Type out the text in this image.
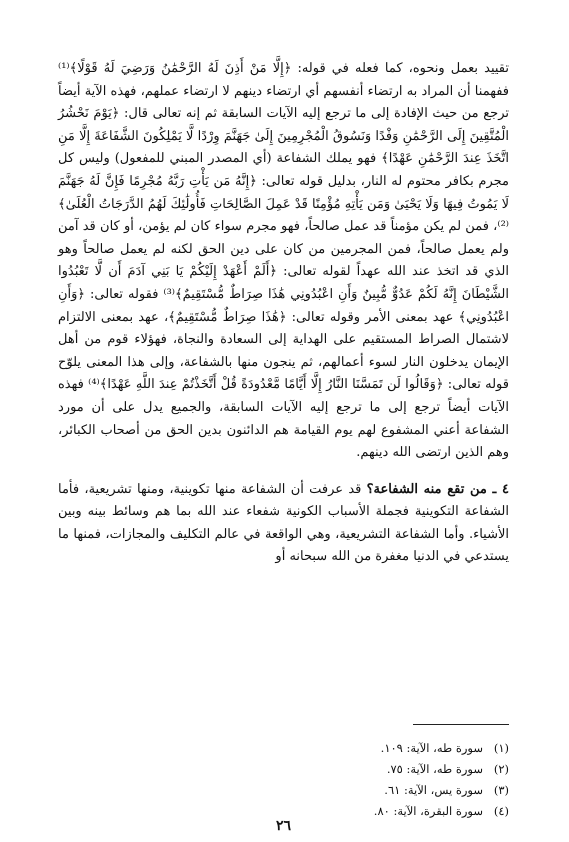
تقييد بعمل ونحوه، كما فعله في قوله: ﴿إِلَّا مَنْ أَذِنَ لَهُ الرَّحْمَٰنُ وَرَضِيَ لَهُ قَوْلًا﴾⁽¹⁾ ففهمنا أن المراد به ارتضاء أنفسهم أي ارتضاء دينهم لا ارتضاء عملهم، فهذه الآية أيضاً ترجع من حيث الإفادة إلى ما ترجع إليه الآيات السابقة ثم إنه تعالى قال: ﴿يَوْمَ نَحْشُرُ الْمُتَّقِينَ إِلَى الرَّحْمَٰنِ وَفْدًا وَنَسُوقُ الْمُجْرِمِينَ إِلَىٰ جَهَنَّمَ وِرْدًا لَّا يَمْلِكُونَ الشَّفَاعَةَ إِلَّا مَنِ اتَّخَذَ عِندَ الرَّحْمَٰنِ عَهْدًا﴾ فهو يملك الشفاعة (أي المصدر المبني للمفعول) وليس كل مجرم بكافر محتوم له النار، بدليل قوله تعالى: ﴿إِنَّهُ مَن يَأْتِ رَبَّهُ مُجْرِمًا فَإِنَّ لَهُ جَهَنَّمَ لَا يَمُوتُ فِيهَا وَلَا يَحْيَىٰ وَمَن يَأْتِهِ مُؤْمِنًا قَدْ عَمِلَ الصَّالِحَاتِ فَأُولَٰئِكَ لَهُمُ الدَّرَجَاتُ الْعُلَىٰ﴾⁽²⁾، فمن لم يكن مؤمناً قد عمل صالحاً، فهو مجرم سواء كان لم يؤمن، أو كان قد آمن ولم يعمل صالحاً، فمن المجرمين من كان على دين الحق لكنه لم يعمل صالحاً وهو الذي قد اتخذ عند الله عهداً لقوله تعالى: ﴿أَلَمْ أَعْهَدْ إِلَيْكُمْ يَا بَنِي آدَمَ أَن لَّا تَعْبُدُوا الشَّيْطَانَ إِنَّهُ لَكُمْ عَدُوٌّ مُّبِينٌ وَأَنِ اعْبُدُونِي هَٰذَا صِرَاطٌ مُّسْتَقِيمٌ﴾⁽³⁾ فقوله تعالى: ﴿وَأَنِ اعْبُدُونِي﴾ عهد بمعنى الأمر وقوله تعالى: ﴿هَٰذَا صِرَاطٌ مُّسْتَقِيمٌ﴾، عهد بمعنى الالتزام لاشتمال الصراط المستقيم على الهداية إلى السعادة والنجاة، فهؤلاء قوم من أهل الإيمان يدخلون النار لسوء أعمالهم، ثم ينجون منها بالشفاعة، وإلى هذا المعنى يلوّح قوله تعالى: ﴿وَقَالُوا لَن تَمَسَّنَا النَّارُ إِلَّا أَيَّامًا مَّعْدُودَةً قُلْ أَتَّخَذْتُمْ عِندَ اللَّهِ عَهْدًا﴾⁽⁴⁾ فهذه الآيات أيضاً ترجع إلى ما ترجع إليه الآيات السابقة، والجميع يدل على أن مورد الشفاعة أعني المشفوع لهم يوم القيامة هم الدائنون بدين الحق من أصحاب الكبائر، وهم الذين ارتضى الله دينهم.

٤ ـ من تقع منه الشفاعة؟ قد عرفت أن الشفاعة منها تكوينية، ومنها تشريعية، فأما الشفاعة التكوينية فجملة الأسباب الكونية شفعاء عند الله بما هم وسائط بينه وبين الأشياء. وأما الشفاعة التشريعية، وهي الواقعة في عالم التكليف والمجازات، فمنها ما يستدعي في الدنيا مغفرة من الله سبحانه أو
(١)سورة طه، الآية: ١٠٩.
(٢)سورة طه، الآية: ٧٥.
(٣)سورة يس، الآية: ٦١.
(٤)سورة البقرة، الآية: ٨٠.
٢٦
